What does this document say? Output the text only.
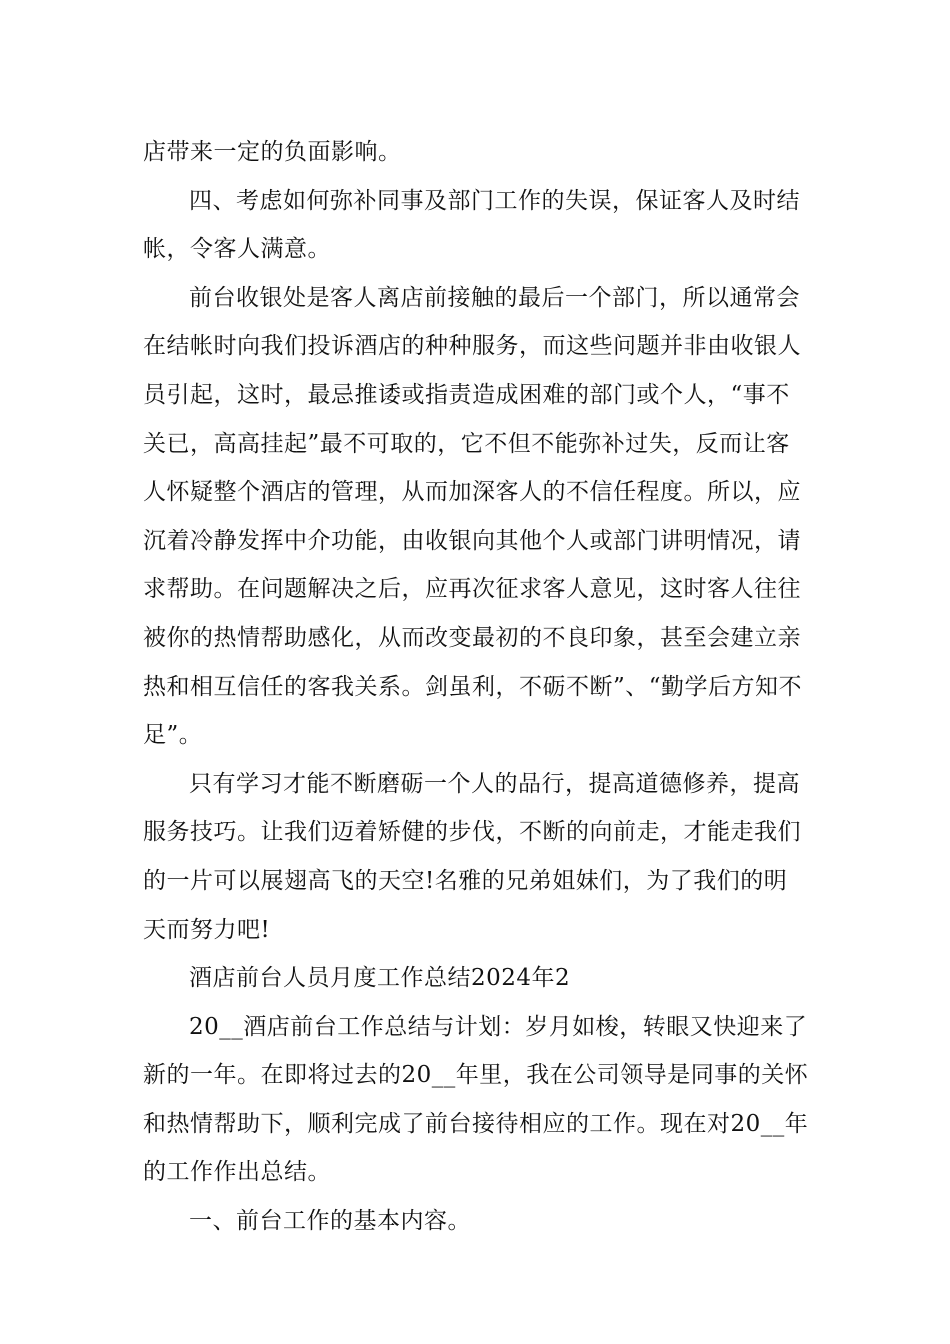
店带来一定的负面影响。

四、考虑如何弥补同事及部门工作的失误，保证客人及时结帐，令客人满意。

前台收银处是客人离店前接触的最后一个部门，所以通常会在结帐时向我们投诉酒店的种种服务，而这些问题并非由收银人员引起，这时，最忌推诿或指责造成困难的部门或个人，“事不关已，高高挂起”最不可取的，它不但不能弥补过失，反而让客人怀疑整个酒店的管理，从而加深客人的不信任程度。所以，应沉着冷静发挥中介功能，由收银向其他个人或部门讲明情况，请求帮助。在问题解决之后，应再次征求客人意见，这时客人往往被你的热情帮助感化，从而改变最初的不良印象，甚至会建立亲热和相互信任的客我关系。剑虽利，不砺不断”、“勤学后方知不足”。

只有学习才能不断磨砺一个人的品行，提高道德修养，提高服务技巧。让我们迈着矫健的步伐，不断的向前走，才能走我们的一片可以展翅高飞的天空!名雅的兄弟姐妹们，为了我们的明天而努力吧!

酒店前台人员月度工作总结2024年2

20__酒店前台工作总结与计划：岁月如梭，转眼又快迎来了新的一年。在即将过去的20__年里，我在公司领导是同事的关怀和热情帮助下，顺利完成了前台接待相应的工作。现在对20__年的工作作出总结。

一、前台工作的基本内容。
